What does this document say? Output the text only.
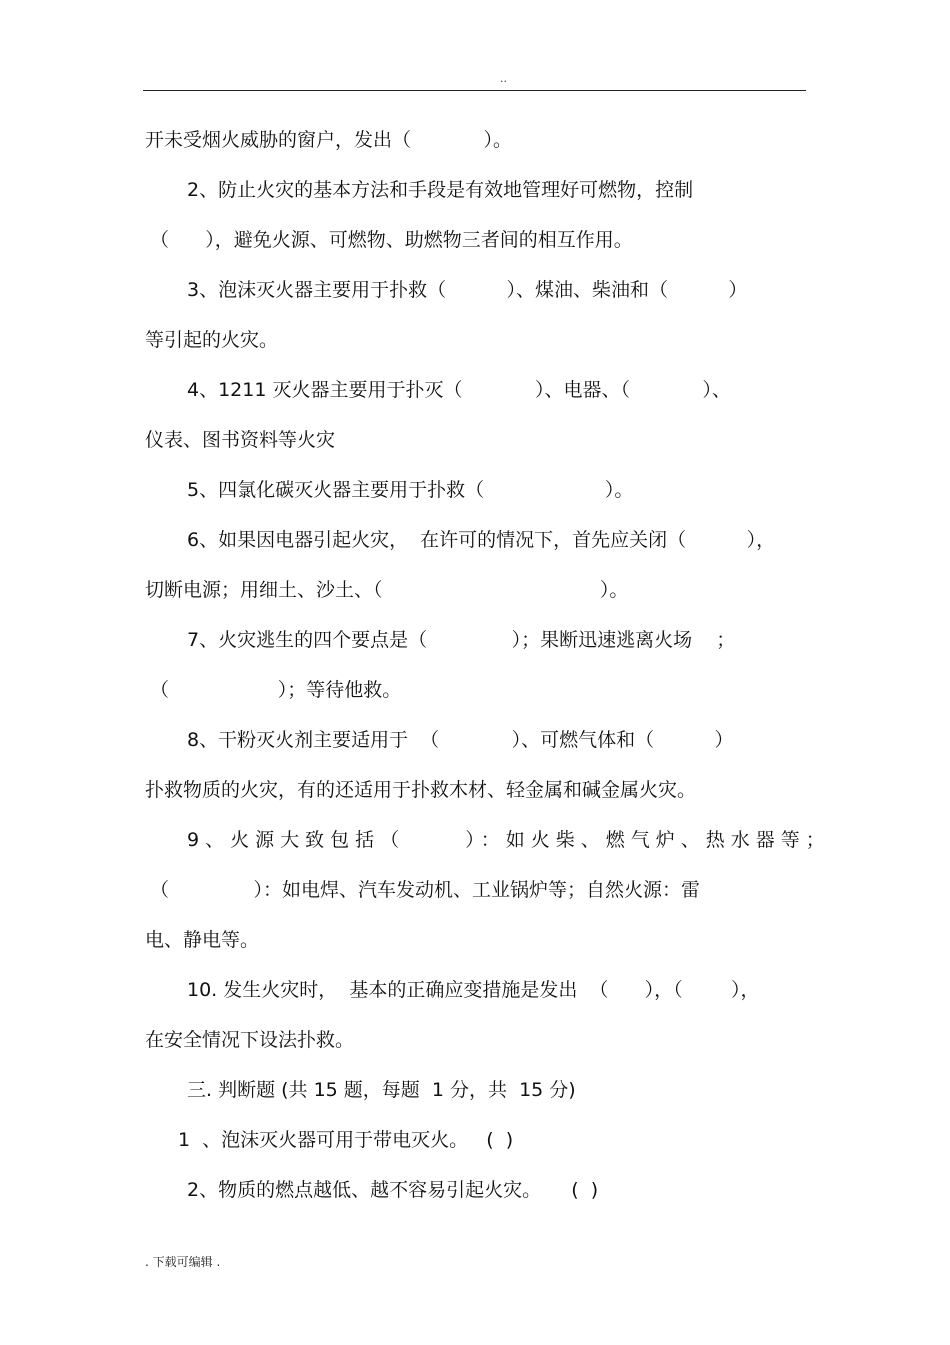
..
开未受烟火威胁的窗户，发出（            ）。
2、防止火灾的基本方法和手段是有效地管理好可燃物，控制
（      ），避免火源、可燃物、助燃物三者间的相互作用。
3、泡沫灭火器主要用于扑救（          ）、煤油、柴油和（          ）
等引起的火灾。
4、1211 灭火器主要用于扑灭（            ）、电器、（            ）、
仪表、图书资料等火灾
5、四氯化碳灭火器主要用于扑救（                    ）。
6、如果因电器引起火灾，  在许可的情况下，首先应关闭（          ），
切断电源；用细土、沙土、（                                    ）。
7、火灾逃生的四个要点是（              ）；果断迅速逃离火场    ；
（                  ）；等待他救。
8、干粉灭火剂主要适用于  （            ）、可燃气体和（          ）
扑救物质的火灾，有的还适用于扑救木材、轻金属和碱金属火灾。
9、火源大致包括（     ）：如火柴、燃气炉、热水器等；
（              ）：如电焊、汽车发动机、工业锅炉等；自然火源：雷
电、静电等。
10. 发生火灾时，  基本的正确应变措施是发出  （      ），（        ），
在安全情况下设法扑救。
三. 判断题 (共 15 题，每题  1 分，共  15 分)
1  、泡沫灭火器可用于带电灭火。   (  )
2、物质的燃点越低、越不容易引起火灾。     (  )
. 下载可编辑 .
